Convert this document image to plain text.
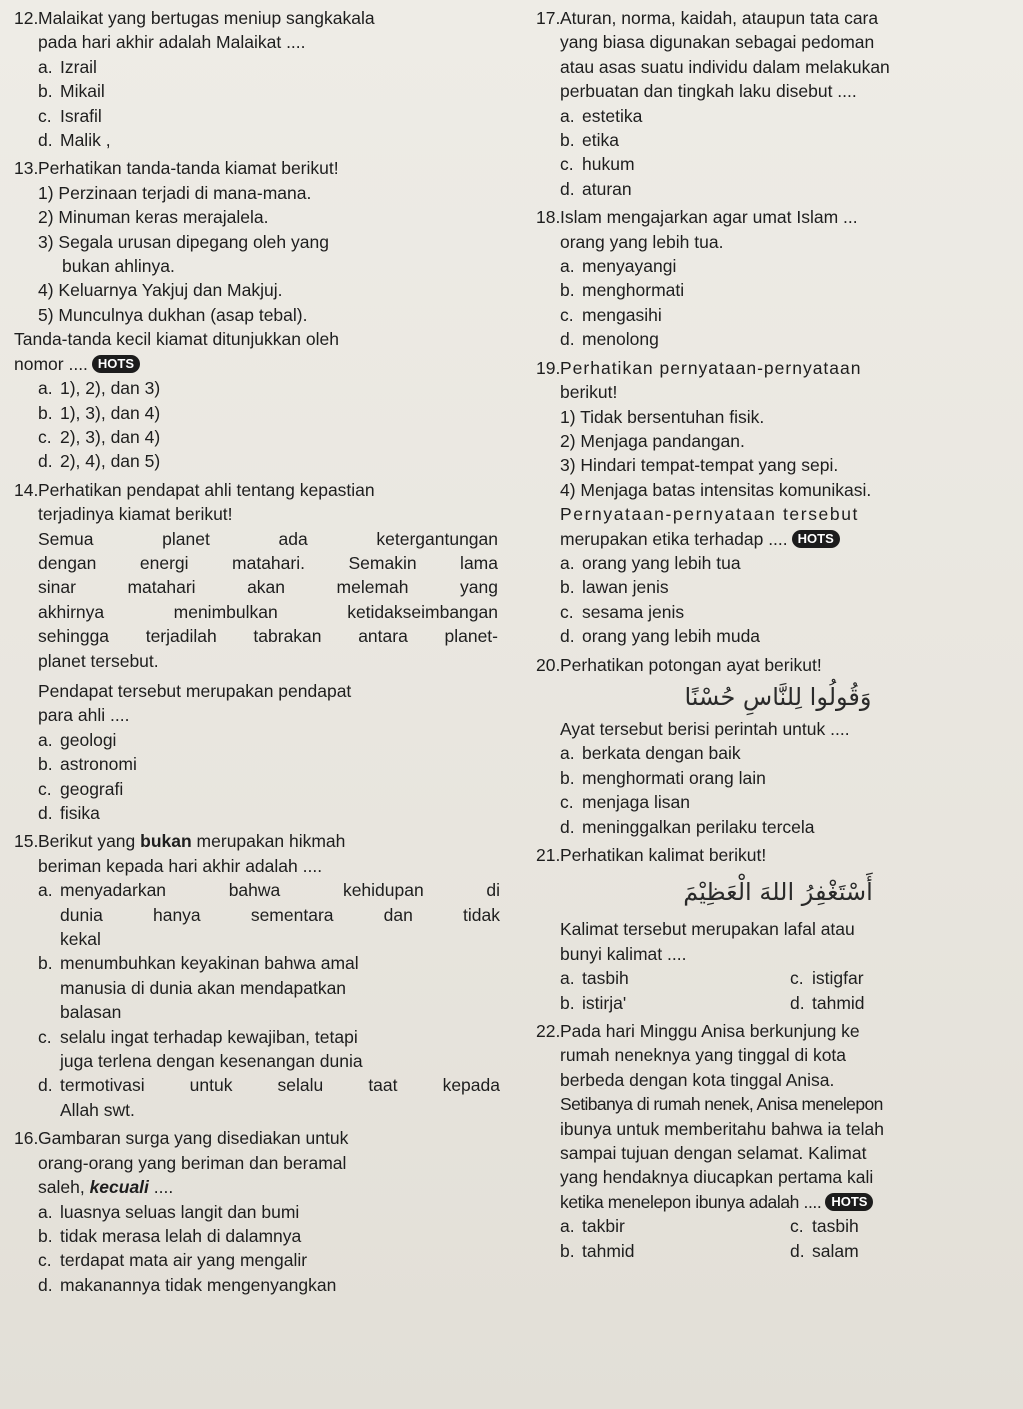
12. Malaikat yang bertugas meniup sangkakala
pada hari akhir adalah Malaikat ....
a. Izrail
b. Mikail
c. Israfil
d. Malik ,
13. Perhatikan tanda-tanda kiamat berikut!
1) Perzinaan terjadi di mana-mana.
2) Minuman keras merajalela.
3) Segala urusan dipegang oleh yang
bukan ahlinya.
4) Keluarnya Yakjuj dan Makjuj.
5) Munculnya dukhan (asap tebal).
Tanda-tanda kecil kiamat ditunjukkan oleh
nomor .... HOTS
a. 1), 2), dan 3)
b. 1), 3), dan 4)
c. 2), 3), dan 4)
d. 2), 4), dan 5)
14. Perhatikan pendapat ahli tentang kepastian
terjadinya kiamat berikut!
Semua planet ada ketergantungan
dengan energi matahari. Semakin lama
sinar matahari akan melemah yang
akhirnya menimbulkan ketidakseimbangan
sehingga terjadilah tabrakan antara planet-
planet tersebut.
Pendapat tersebut merupakan pendapat
para ahli ....
a. geologi
b. astronomi
c. geografi
d. fisika
15. Berikut yang bukan merupakan hikmah
beriman kepada hari akhir adalah ....
a. menyadarkan bahwa kehidupan di
dunia hanya sementara dan tidak
kekal
b. menumbuhkan keyakinan bahwa amal
manusia di dunia akan mendapatkan
balasan
c. selalu ingat terhadap kewajiban, tetapi
juga terlena dengan kesenangan dunia
d. termotivasi untuk selalu taat kepada
Allah swt.
16. Gambaran surga yang disediakan untuk
orang-orang yang beriman dan beramal
saleh, kecuali ....
a. luasnya seluas langit dan bumi
b. tidak merasa lelah di dalamnya
c. terdapat mata air yang mengalir
d. makanannya tidak mengenyangkan
17. Aturan, norma, kaidah, ataupun tata cara
yang biasa digunakan sebagai pedoman
atau asas suatu individu dalam melakukan
perbuatan dan tingkah laku disebut ....
a. estetika
b. etika
c. hukum
d. aturan
18. Islam mengajarkan agar umat Islam ...
orang yang lebih tua.
a. menyayangi
b. menghormati
c. mengasihi
d. menolong
19. Perhatikan pernyataan-pernyataan
berikut!
1) Tidak bersentuhan fisik.
2) Menjaga pandangan.
3) Hindari tempat-tempat yang sepi.
4) Menjaga batas intensitas komunikasi.
Pernyataan-pernyataan tersebut
merupakan etika terhadap .... HOTS
a. orang yang lebih tua
b. lawan jenis
c. sesama jenis
d. orang yang lebih muda
20. Perhatikan potongan ayat berikut!
وَقُولُوا لِلنَّاسِ حُسْنًا
Ayat tersebut berisi perintah untuk ....
a. berkata dengan baik
b. menghormati orang lain
c. menjaga lisan
d. meninggalkan perilaku tercela
21. Perhatikan kalimat berikut!
أَسْتَغْفِرُ اللهَ الْعَظِيْمَ
Kalimat tersebut merupakan lafal atau
bunyi kalimat ....
a. tasbih	c. istigfar
b. istirja'	d. tahmid
22. Pada hari Minggu Anisa berkunjung ke
rumah neneknya yang tinggal di kota
berbeda dengan kota tinggal Anisa.
Setibanya di rumah nenek, Anisa menelepon
ibunya untuk memberitahu bahwa ia telah
sampai tujuan dengan selamat. Kalimat
yang hendaknya diucapkan pertama kali
ketika menelepon ibunya adalah .... HOTS
a. takbir	c. tasbih
b. tahmid	d. salam
